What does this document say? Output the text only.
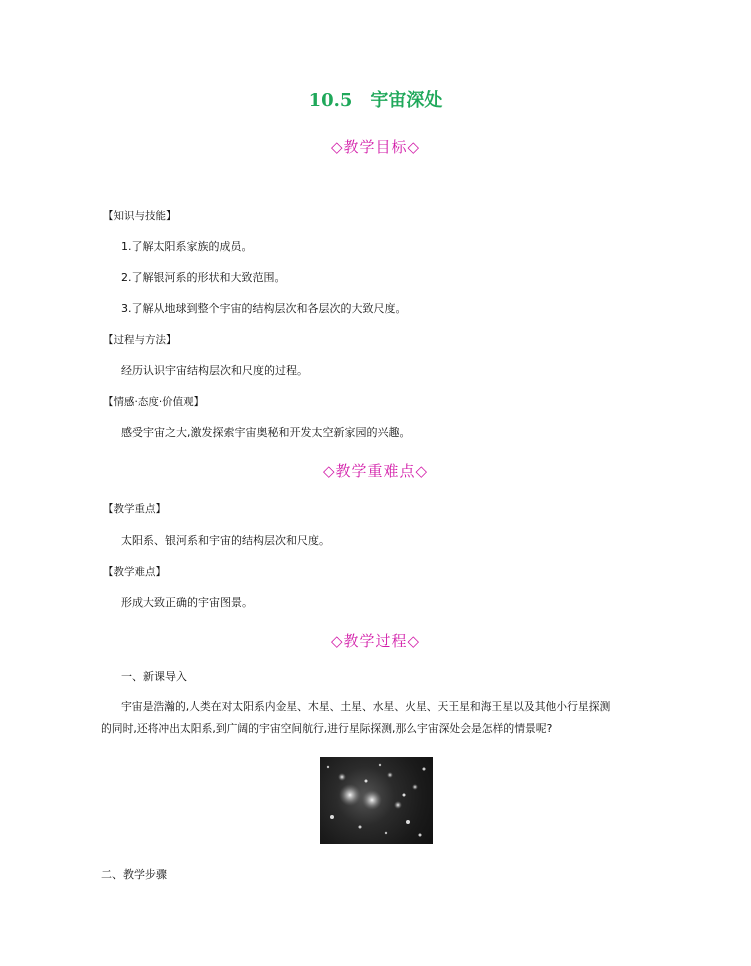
10.5　宇宙深处
◇教学目标◇
【知识与技能】
1.了解太阳系家族的成员。
2.了解银河系的形状和大致范围。
3.了解从地球到整个宇宙的结构层次和各层次的大致尺度。
【过程与方法】
经历认识宇宙结构层次和尺度的过程。
【情感·态度·价值观】
感受宇宙之大,激发探索宇宙奥秘和开发太空新家园的兴趣。
◇教学重难点◇
【教学重点】
太阳系、银河系和宇宙的结构层次和尺度。
【教学难点】
形成大致正确的宇宙图景。
◇教学过程◇
一、新课导入
宇宙是浩瀚的,人类在对太阳系内金星、木星、土星、水星、火星、天王星和海王星以及其他小行星探测
的同时,还将冲出太阳系,到广阔的宇宙空间航行,进行星际探测,那么宇宙深处会是怎样的情景呢?
二、教学步骤
